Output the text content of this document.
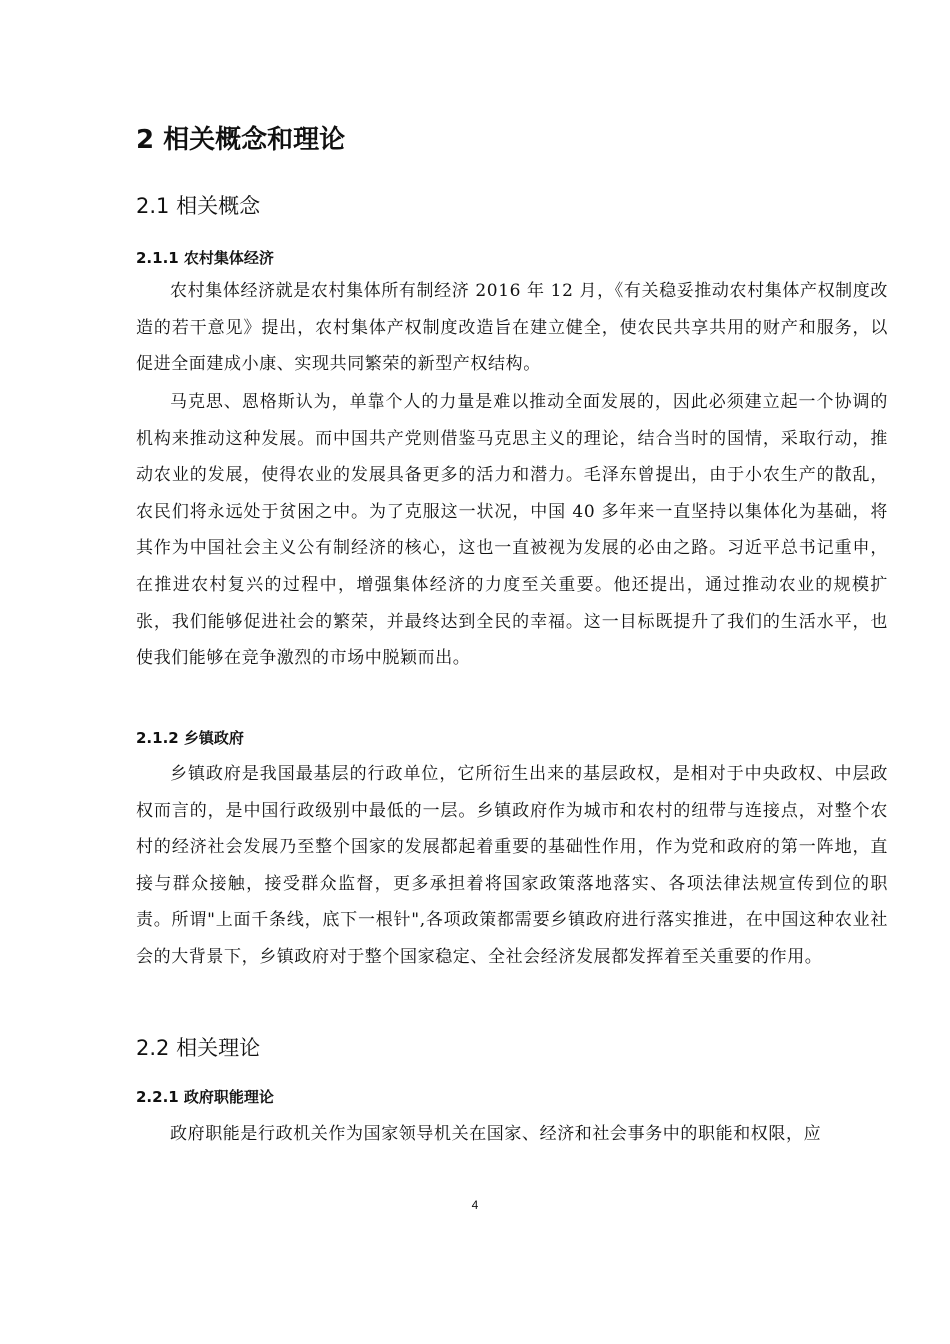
2 相关概念和理论
2.1 相关概念
2.1.1 农村集体经济

农村集体经济就是农村集体所有制经济 2016 年 12 月，《有关稳妥推动农村集体产权制度改造的若干意见》提出，农村集体产权制度改造旨在建立健全，使农民共享共用的财产和服务，以促进全面建成小康、实现共同繁荣的新型产权结构。

马克思、恩格斯认为，单靠个人的力量是难以推动全面发展的，因此必须建立起一个协调的机构来推动这种发展。而中国共产党则借鉴马克思主义的理论，结合当时的国情，采取行动，推动农业的发展，使得农业的发展具备更多的活力和潜力。毛泽东曾提出，由于小农生产的散乱，农民们将永远处于贫困之中。为了克服这一状况，中国 40 多年来一直坚持以集体化为基础，将其作为中国社会主义公有制经济的核心，这也一直被视为发展的必由之路。习近平总书记重申，在推进农村复兴的过程中，增强集体经济的力度至关重要。他还提出，通过推动农业的规模扩张，我们能够促进社会的繁荣，并最终达到全民的幸福。这一目标既提升了我们的生活水平，也使我们能够在竞争激烈的市场中脱颖而出。

2.1.2 乡镇政府

乡镇政府是我国最基层的行政单位，它所衍生出来的基层政权，是相对于中央政权、中层政权而言的，是中国行政级别中最低的一层。乡镇政府作为城市和农村的纽带与连接点，对整个农村的经济社会发展乃至整个国家的发展都起着重要的基础性作用，作为党和政府的第一阵地，直接与群众接触，接受群众监督，更多承担着将国家政策落地落实、各项法律法规宣传到位的职责。所谓"上面千条线，底下一根针",各项政策都需要乡镇政府进行落实推进，在中国这种农业社会的大背景下，乡镇政府对于整个国家稳定、全社会经济发展都发挥着至关重要的作用。

2.2 相关理论
2.2.1 政府职能理论

政府职能是行政机关作为国家领导机关在国家、经济和社会事务中的职能和权限，应

4
